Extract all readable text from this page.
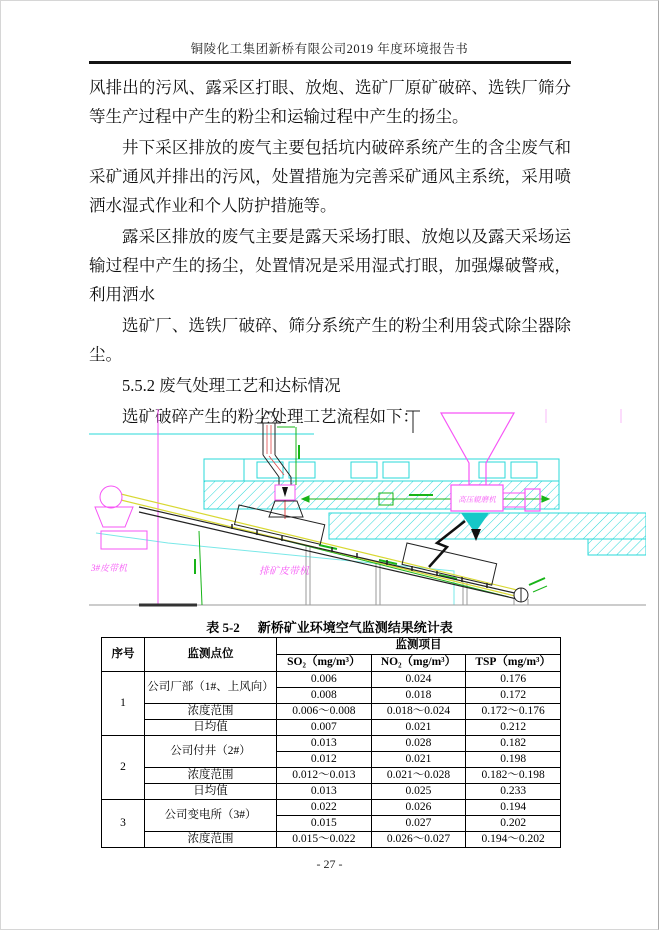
铜陵化工集团新桥有限公司2019 年度环境报告书

风排出的污风、露采区打眼、放炮、选矿厂原矿破碎、选铁厂筛分等生产过程中产生的粉尘和运输过程中产生的扬尘。

井下采区排放的废气主要包括坑内破碎系统产生的含尘废气和采矿通风并排出的污风，处置措施为完善采矿通风主系统，采用喷洒水湿式作业和个人防护措施等。

露采区排放的废气主要是露天采场打眼、放炮以及露天采场运输过程中产生的扬尘，处置情况是采用湿式打眼，加强爆破警戒，利用洒水

选矿厂、选铁厂破碎、筛分系统产生的粉尘利用袋式除尘器除尘。

5.5.2 废气处理工艺和达标情况

选矿破碎产生的粉尘处理工艺流程如下：

高压辊磨机
3#皮带机	排矿皮带机
表 5-2 新桥矿业环境空气监测结果统计表
序号	监测点位	监测项目		
		SO₂（mg/m³）	NO₂（mg/m³）	TSP（mg/m³）
1	公司厂部（1#、上风向）	0.006	0.024	0.176
		0.008	0.018	0.172
	浓度范围	0.006～0.008	0.018～0.024	0.172～0.176
	日均值	0.007	0.021	0.212
2	公司付井（2#）	0.013	0.028	0.182
		0.012	0.021	0.198
	浓度范围	0.012～0.013	0.021～0.028	0.182～0.198
	日均值	0.013	0.025	0.233
3	公司变电所（3#）	0.022	0.026	0.194
		0.015	0.027	0.202
	浓度范围	0.015～0.022	0.026～0.027	0.194～0.202
- 27 -
